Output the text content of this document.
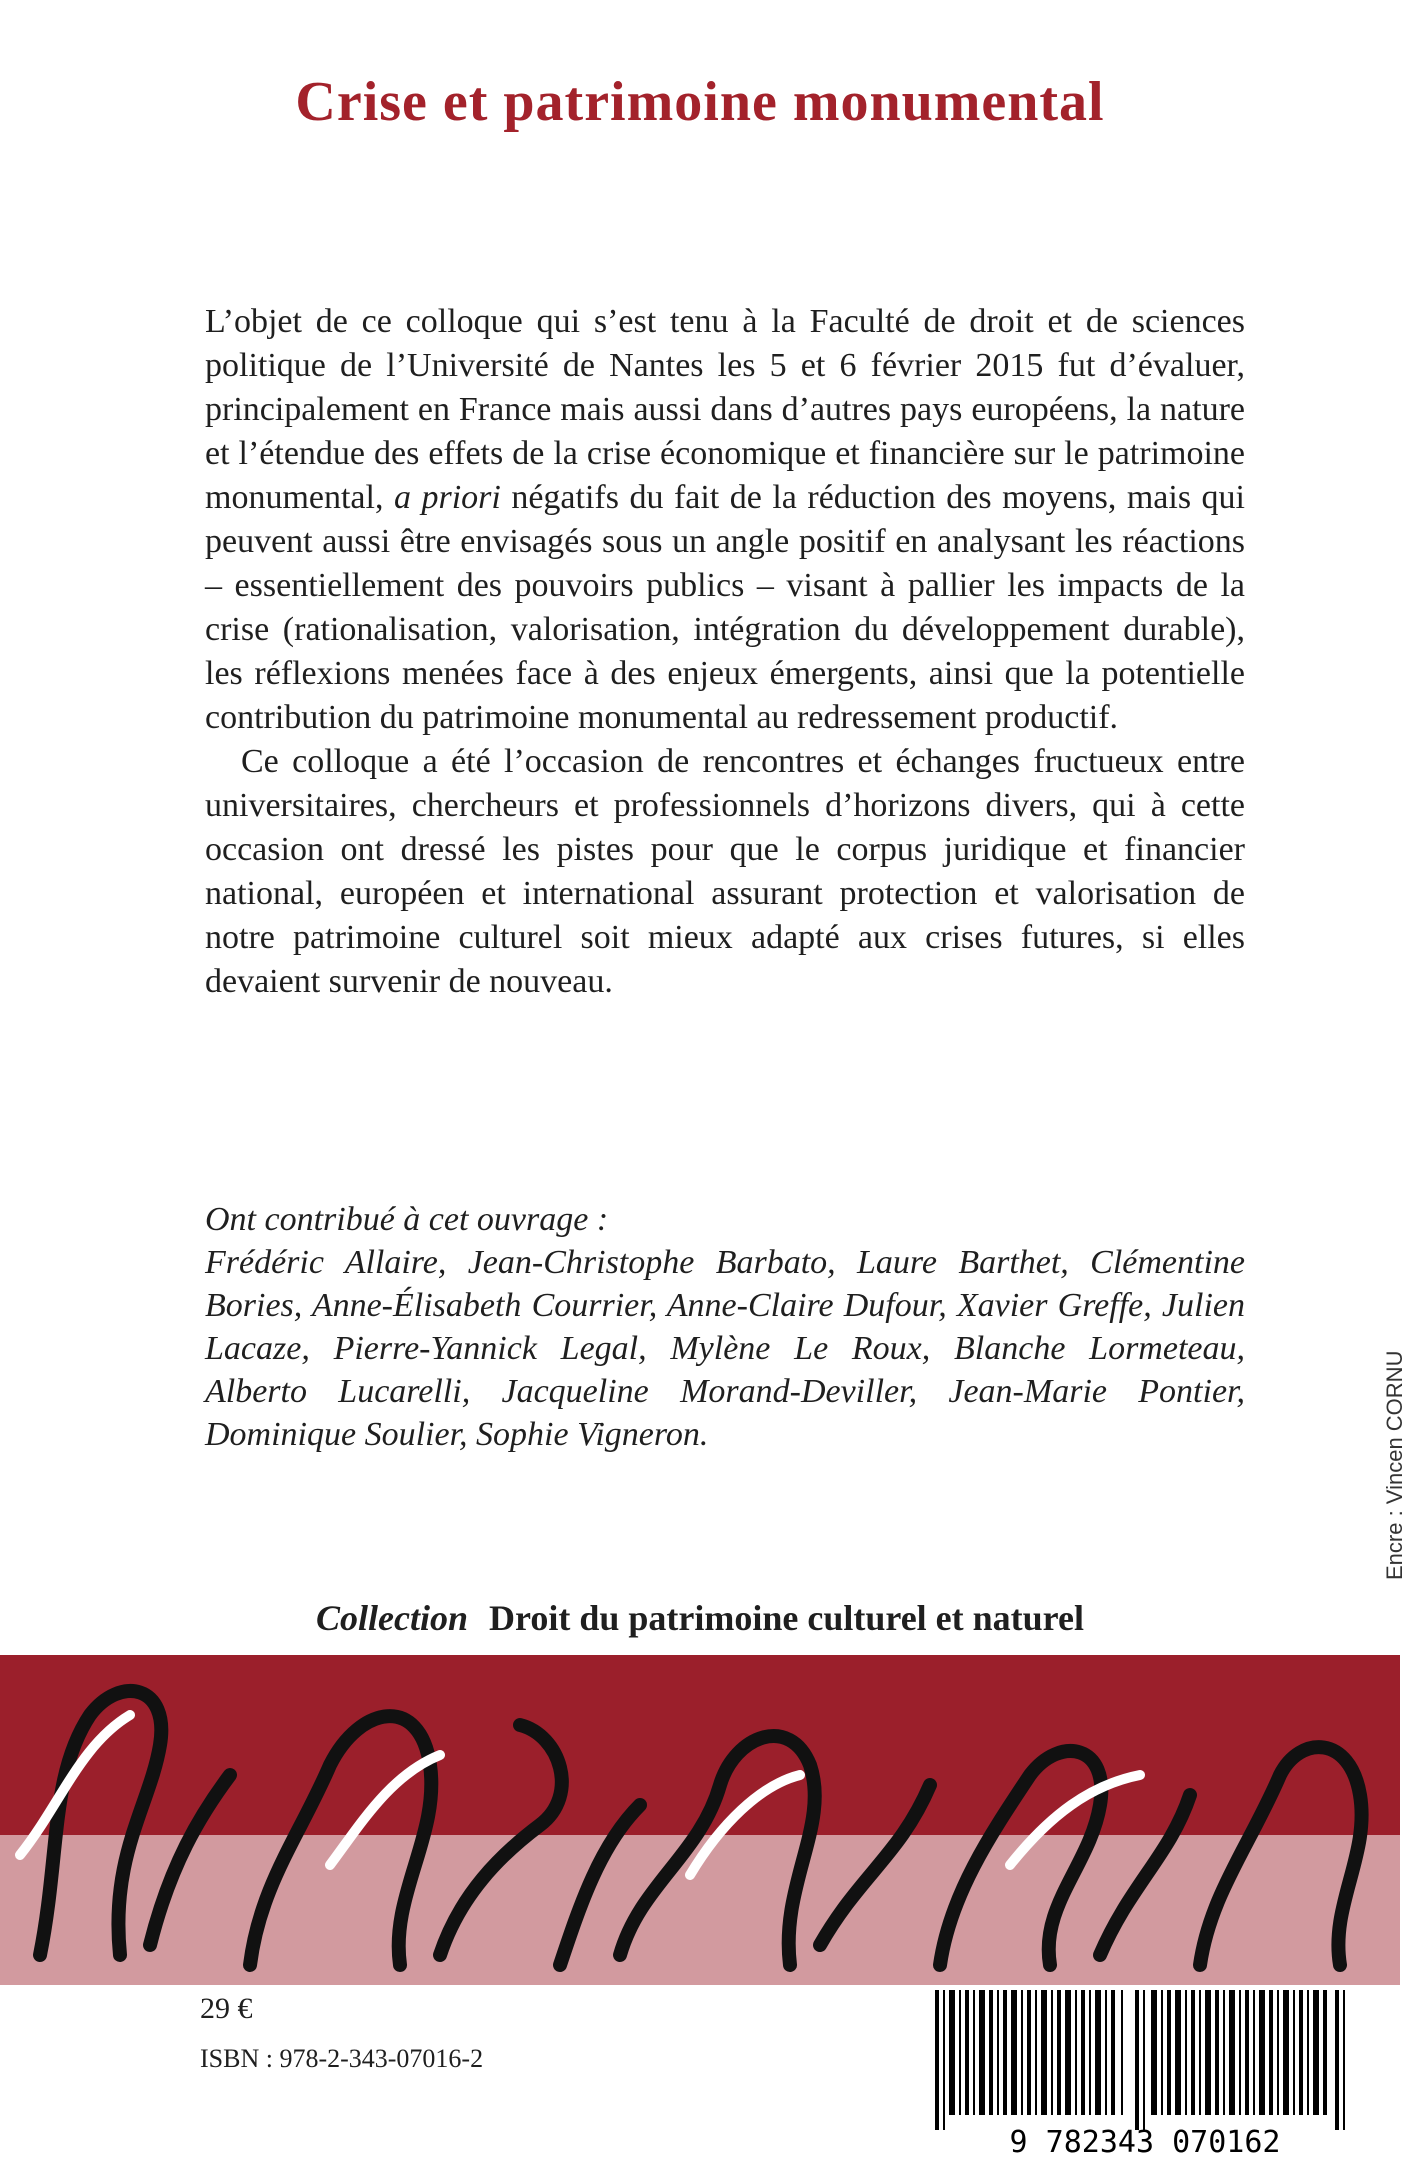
Crise et patrimoine monumental

L’objet de ce colloque qui s’est tenu à la Faculté de droit et de sciences politique de l’Université de Nantes les 5 et 6 février 2015 fut d’évaluer, principalement en France mais aussi dans d’autres pays européens, la nature et l’étendue des effets de la crise économique et financière sur le patrimoine monumental, a priori négatifs du fait de la réduction des moyens, mais qui peuvent aussi être envisagés sous un angle positif en analysant les réactions – essentiellement des pouvoirs publics – visant à pallier les impacts de la crise (rationalisation, valorisation, intégration du développement durable), les réflexions menées face à des enjeux émergents, ainsi que la potentielle contribution du patrimoine monumental au redressement productif.

Ce colloque a été l’occasion de rencontres et échanges fructueux entre universitaires, chercheurs et professionnels d’horizons divers, qui à cette occasion ont dressé les pistes pour que le corpus juridique et financier national, européen et international assurant protection et valorisation de notre patrimoine culturel soit mieux adapté aux crises futures, si elles devaient survenir de nouveau.

Ont contribué à cet ouvrage :
Frédéric Allaire, Jean-Christophe Barbato, Laure Barthet, Clémentine Bories, Anne-Élisabeth Courrier, Anne-Claire Dufour, Xavier Greffe, Julien Lacaze, Pierre-Yannick Legal, Mylène Le Roux, Blanche Lormeteau, Alberto Lucarelli, Jacqueline Morand-Deviller, Jean-Marie Pontier, Dominique Soulier, Sophie Vigneron.	Encre : Vincen CORNU
Collection Droit du patrimoine culturel et naturel
29 €
ISBN : 978-2-343-07016-2
9 782343 070162
